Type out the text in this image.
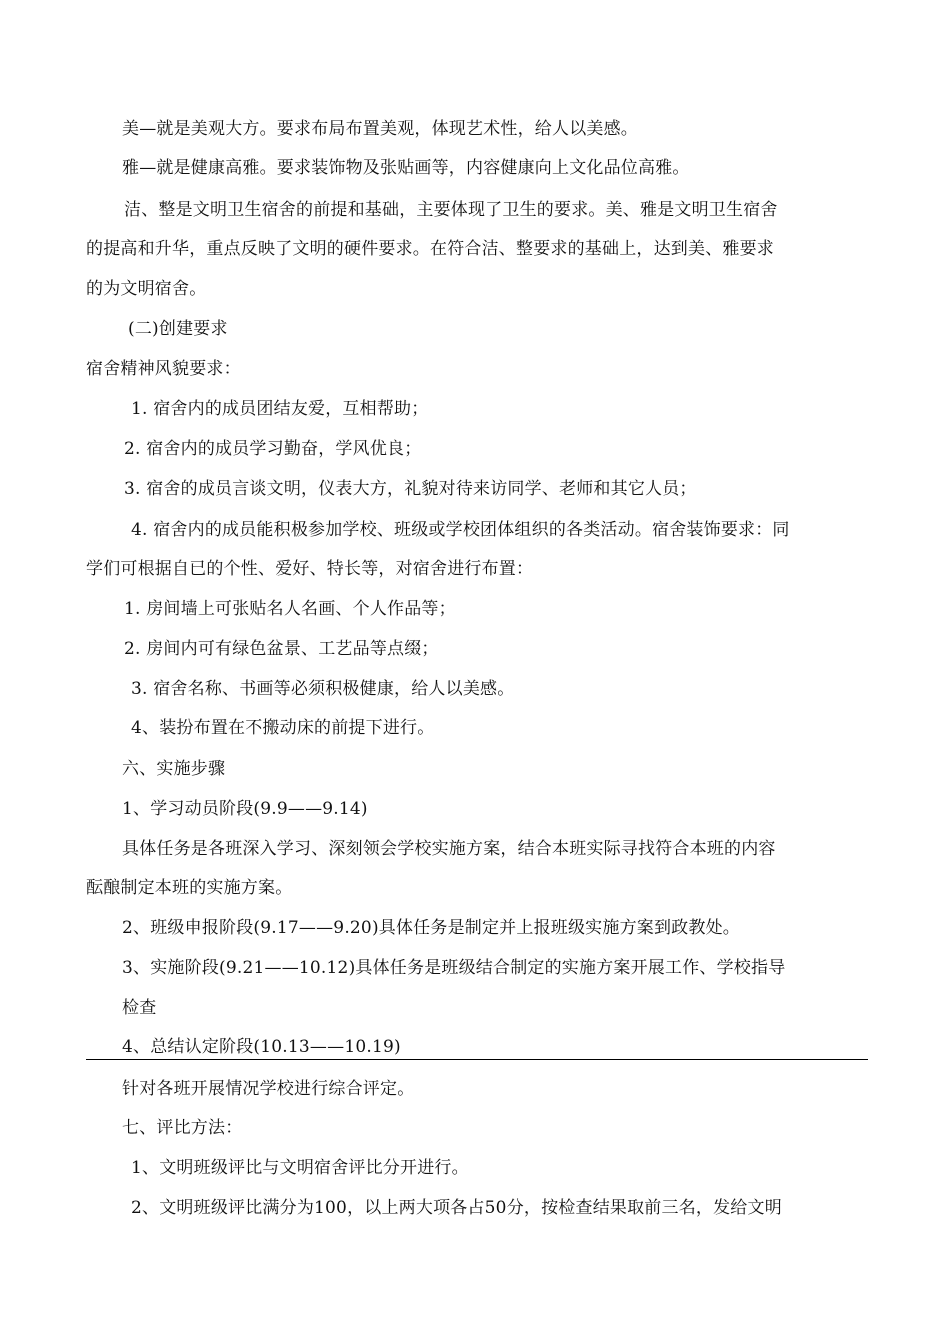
美—就是美观大方。要求布局布置美观，体现艺术性，给人以美感。
雅—就是健康高雅。要求装饰物及张贴画等，内容健康向上文化品位高雅。
洁、整是文明卫生宿舍的前提和基础，主要体现了卫生的要求。美、雅是文明卫生宿舍
的提高和升华，重点反映了文明的硬件要求。在符合洁、整要求的基础上，达到美、雅要求
的为文明宿舍。
(二)创建要求
宿舍精神风貌要求：
1. 宿舍内的成员团结友爱，互相帮助；
2. 宿舍内的成员学习勤奋，学风优良；
3. 宿舍的成员言谈文明，仪表大方，礼貌对待来访同学、老师和其它人员；
4. 宿舍内的成员能积极参加学校、班级或学校团体组织的各类活动。宿舍装饰要求：同
学们可根据自已的个性、爱好、特长等，对宿舍进行布置：
1. 房间墙上可张贴名人名画、个人作品等；
2. 房间内可有绿色盆景、工艺品等点缀；
3. 宿舍名称、书画等必须积极健康，给人以美感。
4、装扮布置在不搬动床的前提下进行。
六、实施步骤
1、学习动员阶段(9.9——9.14)
具体任务是各班深入学习、深刻领会学校实施方案，结合本班实际寻找符合本班的内容
酝酿制定本班的实施方案。
2、班级申报阶段(9.17——9.20)具体任务是制定并上报班级实施方案到政教处。
3、实施阶段(9.21——10.12)具体任务是班级结合制定的实施方案开展工作、学校指导
检查
4、总结认定阶段(10.13——10.19)
针对各班开展情况学校进行综合评定。
七、评比方法：
1、文明班级评比与文明宿舍评比分开进行。
2、文明班级评比满分为100，以上两大项各占50分，按检查结果取前三名，发给文明
